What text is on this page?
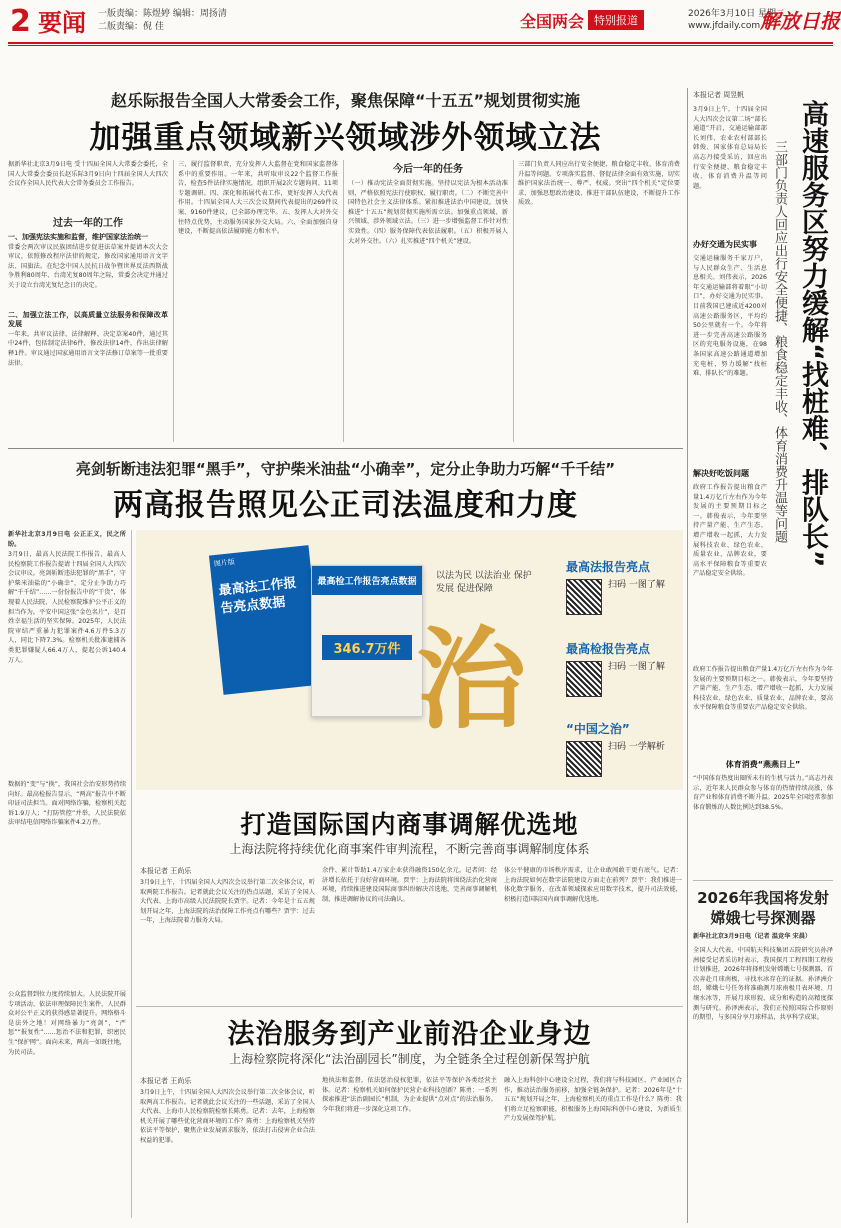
2 要闻 一版责编：陈煜婷 编辑：周扬清
二版责编：倪 佳	全国两会 特别报道	2026年3月10日 星期二
www.jfdaily.com 解放日报
赵乐际报告全国人大常委会工作，聚焦保障“十五五”规划贯彻实施
加强重点领域新兴领域涉外领域立法
据新华社北京3月9日电 受十四届全国人大常委会委托，全国人大常委会委员长赵乐际3月9日向十四届全国人大四次会议作全国人民代表大会常务委员会工作报告。
过去一年的工作
一、加强宪法实施和监督，维护国家法治统一
常委会两次审议民族团结进步促进法草案并提请本次大会审议，依照修改程序法律的规定，修改国家通用语言文字法、国旗法。在纪念中国人民抗日战争暨世界反法西斯战争胜利80周年、台湾光复80周年之际，常委会决定并通过关于设立台湾光复纪念日的决定。
二、加强立法工作，以高质量立法服务和保障改革发展
一年来，共审议法律、法律解释、决定草案40件，通过其中24件，包括制定法律6件，修改法律14件，作出法律解释1件。审议通过国家通用语言文字法修订草案等一批重要法律。
三、履行监督职责，充分发挥人大监督在党和国家监督体系中的重要作用。一年来，共听取审议22个监督工作报告，检查5件法律实施情况，组织开展2次专题询问、11项专题调研。四、深化和拓展代表工作，更好发挥人大代表作用。十四届全国人大三次会议期间代表提出的269件议案、9160件建议，已全部办理完毕。五、发挥人大对外交往特点优势，主动服务国家外交大局。六、全面加强自身建设，不断提高依法履职能力和水平。
今后一年的任务
（一）推动宪法全面贯彻实施。坚持以宪法为根本活动准则，严格依照宪法行使职权、履行职责。（二）不断完善中国特色社会主义法律体系。紧扣推进法治中国建设，加快推进“十五五”规划贯彻实施所需立法。加强重点领域、新兴领域、涉外领域立法。（三）进一步增强监督工作针对性实效性。（四）服务保障代表依法履职。（五）积极开展人大对外交往。（六）扎实推进“四个机关”建设。
三部门负责人同应出行安全便捷、粮食稳定丰收、体育消费升温等问题。专项落实监督、督促法律全面有效实施，切实维护国家法治统一、尊严、权威。突出“四个机关”定位要求，加强思想政治建设、推进干部队伍建设，不断提升工作质效。
本报记者 周昱帆
高速服务区努力缓解“找桩难、排队长”
三部门负责人回应出行安全便捷、粮食稳定丰收、体育消费升温等问题
3月9日上午，十四届全国人大四次会议第二场“部长通道”开启，交通运输部部长刘伟、农业农村部部长韩俊、国家体育总局局长高志丹接受采访，回应出行安全便捷、粮食稳定丰收、体育消费升温等问题。
办好交通为民实事
交通运输服务千家万户，与人民群众生产、生活息息相关。刘伟表示，2026年交通运输部将着眼“小切口”，办好交通为民实事。目前我国已建成近4200对高速公路服务区，平均约50公里就有一个。今年将进一步完善高速公路服务区的充电服务设施，在98条国家高速公路通道增加充电桩，努力缓解“找桩难、排队长”的难题。
解决好吃饭问题
政府工作报告提出粮食产量1.4万亿斤左右作为今年发展的主要预期目标之一。韩俊表示，今年要坚持产量产能、生产生态、增产增收一起抓，大力发展科技农业、绿色农业、质量农业、品牌农业，要高水平保障粮食等重要农产品稳定安全供给。
政府工作报告提出粮食产量1.4万亿斤左右作为今年发展的主要预期目标之一。韩俊表示，今年要坚持产量产能、生产生态、增产增收一起抓，大力发展科技农业、绿色农业、质量农业、品牌农业，要高水平保障粮食等重要农产品稳定安全供给。
体育消费“燕燕日上”
“中国体育热度出圈所未有的生机与活力。”高志丹表示，近年来人民群众参与体育的热情持续高涨，体育产业和体育消费不断升温。2025年全国经常参加体育锻炼的人数比例达到38.5%。
2026年我国将发射嫦娥七号探测器
新华社北京3月9日电（记者 温竞华 宋晨）
全国人大代表、中国航天科技集团五院研究员孙泽洲接受记者采访时表示，我国探月工程四期工程按计划推进，2026年将择机发射嫦娥七号探测器，首次奔赴月球南极，寻找水冰存在的证据。孙泽洲介绍，嫦娥七号任务将准确测月球南极月表环境、月壤水冰等，开展月球形貌、成分和构造的高精度探测与研究。孙泽洲表示，我们正按照国际合作原则的期望，与多国分享月球样品，共享科学成果。
亮剑斩断违法犯罪“黑手”，守护柴米油盐“小确幸”，定分止争助力巧解“千千结”
两高报告照见公正司法温度和力度
新华社北京3月9日电 公正正义，民之所盼。
3月9日，最高人民法院工作报告、最高人民检察院工作报告提请十四届全国人大四次会议审议。亮剑斩断违法犯罪的“黑手”，守护柴米油盐的“小确幸”，定分止争助力巧解“千千结”……一份份报告中的“干货”，体现着人民法院、人民检察院维护公平正义的担当作为。平安中国这张“金色名片”，是百姓幸福生活的坚实保障。2025年，人民法院审结严重暴力犯罪案件4.6万件5.3万人，同比下降7.3%。检察机关批准逮捕各类犯罪嫌疑人66.4万人，提起公诉140.4万人。
数据的“变”与“换”，我国社会治安形势持续向好。最高检报告显示，“两高”报告中不断印证司法担当。面对网络诈骗，检察机关起诉1.9万人；“打防管控”并举，人民法院依法审结电信网络诈骗案件4.2万件。
公众监督到位力度持续加大。人民法院开展专项活动、依法审理保障民生案件，人民群众对公平正义的获得感显著提升。网络格斗是法外之地！对网络暴力“亮剑”，“严惩”“报复性”……惩治不法和犯罪，织密民生“保护网”。面向未来，两高一如既往地，为民司法。
图片版
最高法工作报告亮点数据
最高检工作报告亮点数据
346.7万件
以法为民 以法治业 保护发展 促进保障
治
最高法报告亮点
扫码 一图了解
最高检报告亮点
扫码 一图了解
“中国之治”
扫码 一学解析
打造国际国内商事调解优选地
上海法院将持续优化商事案件审判流程，不断完善商事调解制度体系
本报记者 王尚乐
3月9日上午，十四届全国人大四次会议举行第二次全体会议，听取两院工作报告。记者就此会议关注的热点话题，采访了全国人大代表、上海市高级人民法院院长贾宇。记者：今年是十五五规划开局之年，上海法院的法治保障工作亮点有哪些？贾宇：过去一年，上海法院着力服务大局。
余件、累计帮助1.4万家企业获得融资150亿余元。记者问：经济增长依托于良好营商环境。贾宇：上海法院将围绕法治化营商环境，持续推进建设国际商事纠纷解决首选地，完善商事调解机制，推进调解协议的司法确认。
体公平健康的市场秩序需求，让企业敢闯敢干更有底气。记者：上海法院如何在数字法院建设方面走在前列？贾宇：我们推进一体化数字服务，在改革领域探索应用数字技术，提升司法效能，积极打造国际国内商事调解优选地。
法治服务到产业前沿企业身边
上海检察院将深化“法治副园长”制度，为全链条全过程创新保驾护航
本报记者 王尚乐
3月9日上午，十四届全国人大四次会议举行第二次全体会议，听取两高工作报告。记者就此会议关注的一些话题，采访了全国人大代表、上海市人民检察院检察长陈勇。记者：去年，上海检察机关开展了哪些优化营商环境的工作？陈勇：上海检察机关坚持依法平等保护，聚焦企业发展需求服务，依法打击侵害企业合法权益的犯罪。
地执法和监督，依法惩治侵权犯罪，依法平等保护各类经营主体。记者：检察机关如何保护民营企业科技创新？陈勇：一系列探索推进“法治副园长”机制，为企业提供“点对点”的法治服务。今年我们将进一步深化这项工作。
融入上海科创中心建设全过程，我们将与科技园区、产业园区合作，推动法治服务前移，加强全链条保护。记者：2026年是“十五五”规划开局之年，上海检察机关的重点工作是什么？陈勇：我们将立足检察职能，积极服务上海国际科创中心建设，为新质生产力发展保驾护航。
